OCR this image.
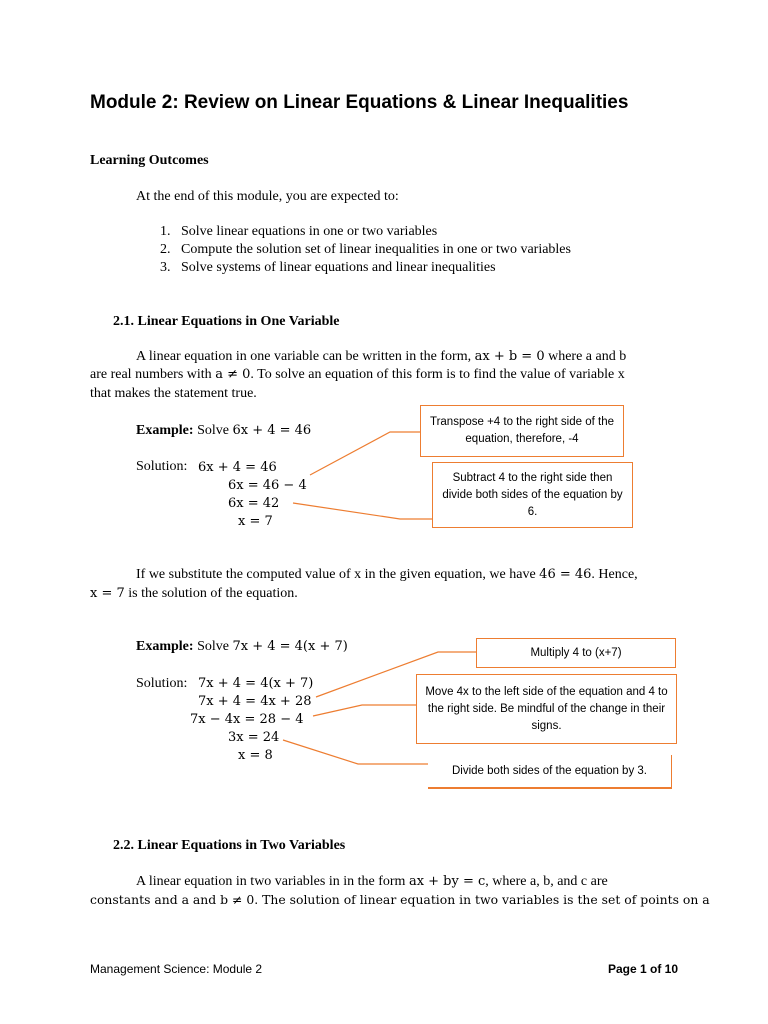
Module 2: Review on Linear Equations & Linear Inequalities
Learning Outcomes
At the end of this module, you are expected to:
1. Solve linear equations in one or two variables
2. Compute the solution set of linear inequalities in one or two variables
3. Solve systems of linear equations and linear inequalities
2.1. Linear Equations in One Variable
A linear equation in one variable can be written in the form, ax + b = 0 where a and b
are real numbers with a ≠ 0. To solve an equation of this form is to find the value of variable x
that makes the statement true.
Example: Solve 6x + 4 = 46
Solution: 6x + 4 = 46
6x = 46 − 4
6x = 42
x = 7
Transpose +4 to the right side of the equation, therefore, -4
Subtract 4 to the right side then divide both sides of the equation by 6.
If we substitute the computed value of x in the given equation, we have 46 = 46. Hence,
x = 7 is the solution of the equation.
Example: Solve 7x + 4 = 4(x + 7)
Solution: 7x + 4 = 4(x + 7)
7x + 4 = 4x + 28
7x − 4x = 28 − 4
3x = 24
x = 8
Multiply 4 to (x+7)
Move 4x to the left side of the equation and 4 to the right side. Be mindful of the change in their signs.
Divide both sides of the equation by 3.
2.2. Linear Equations in Two Variables
A linear equation in two variables in in the form ax + by = c, where a, b, and c are
constants and a and b ≠ 0. The solution of linear equation in two variables is the set of points on a
Management Science: Module 2	Page 1 of 10
